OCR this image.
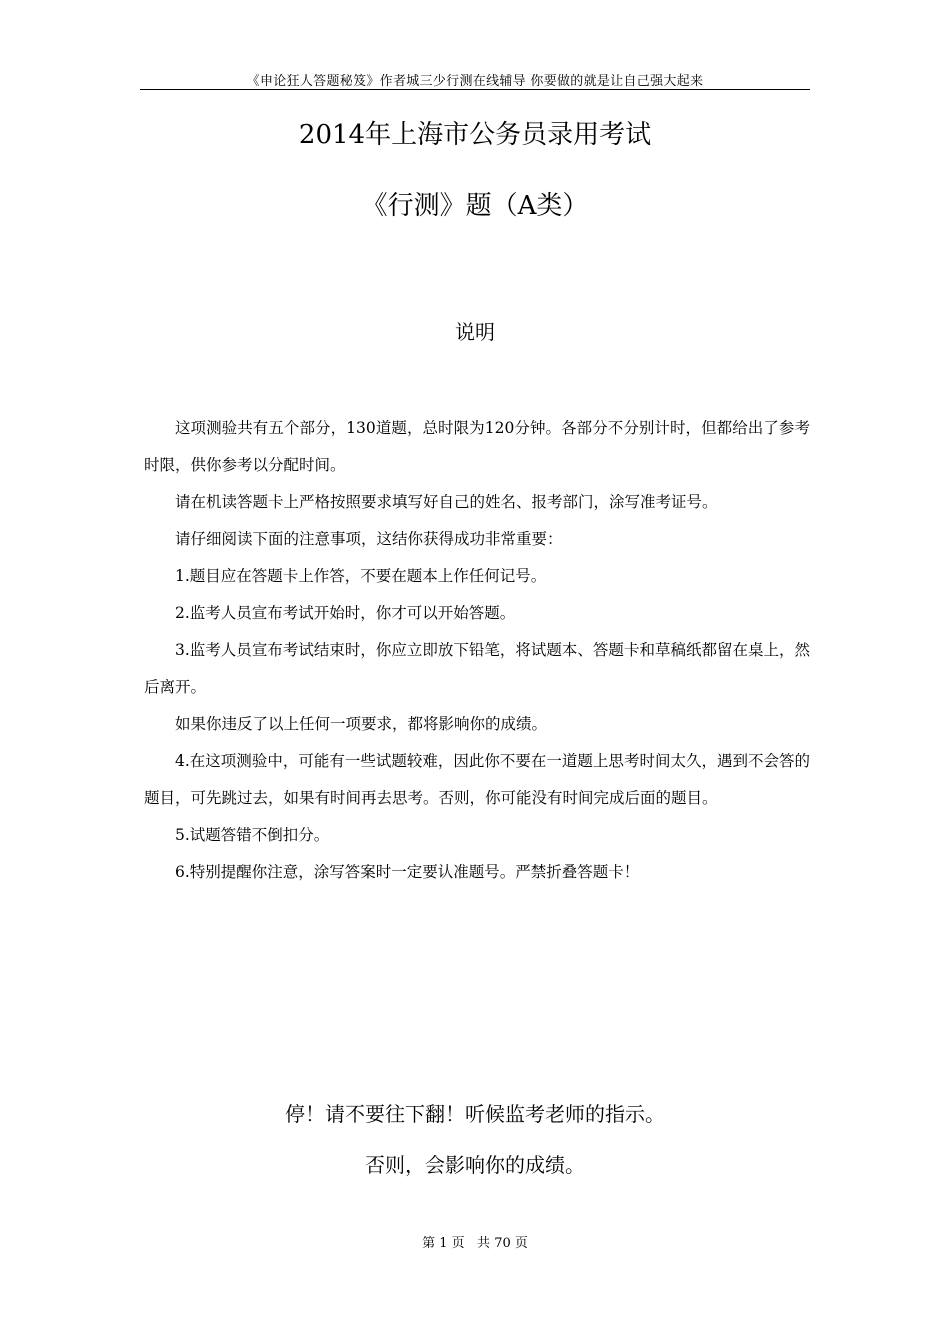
《申论狂人答题秘笈》作者城三少行测在线辅导 你要做的就是让自己强大起来
2014年上海市公务员录用考试
《行测》题（A类）
说明
这项测验共有五个部分，130道题，总时限为120分钟。各部分不分别计时，但都给出了参考时限，供你参考以分配时间。
请在机读答题卡上严格按照要求填写好自己的姓名、报考部门，涂写准考证号。
请仔细阅读下面的注意事项，这结你获得成功非常重要：
1.题目应在答题卡上作答，不要在题本上作任何记号。
2.监考人员宣布考试开始时，你才可以开始答题。
3.监考人员宣布考试结束时，你应立即放下铅笔，将试题本、答题卡和草稿纸都留在桌上，然后离开。
如果你违反了以上任何一项要求，都将影响你的成绩。
4.在这项测验中，可能有一些试题较难，因此你不要在一道题上思考时间太久，遇到不会答的题目，可先跳过去，如果有时间再去思考。否则，你可能没有时间完成后面的题目。
5.试题答错不倒扣分。
6.特别提醒你注意，涂写答案时一定要认准题号。严禁折叠答题卡！
停！请不要往下翻！听候监考老师的指示。
否则，会影响你的成绩。
第 1 页   共 70 页
